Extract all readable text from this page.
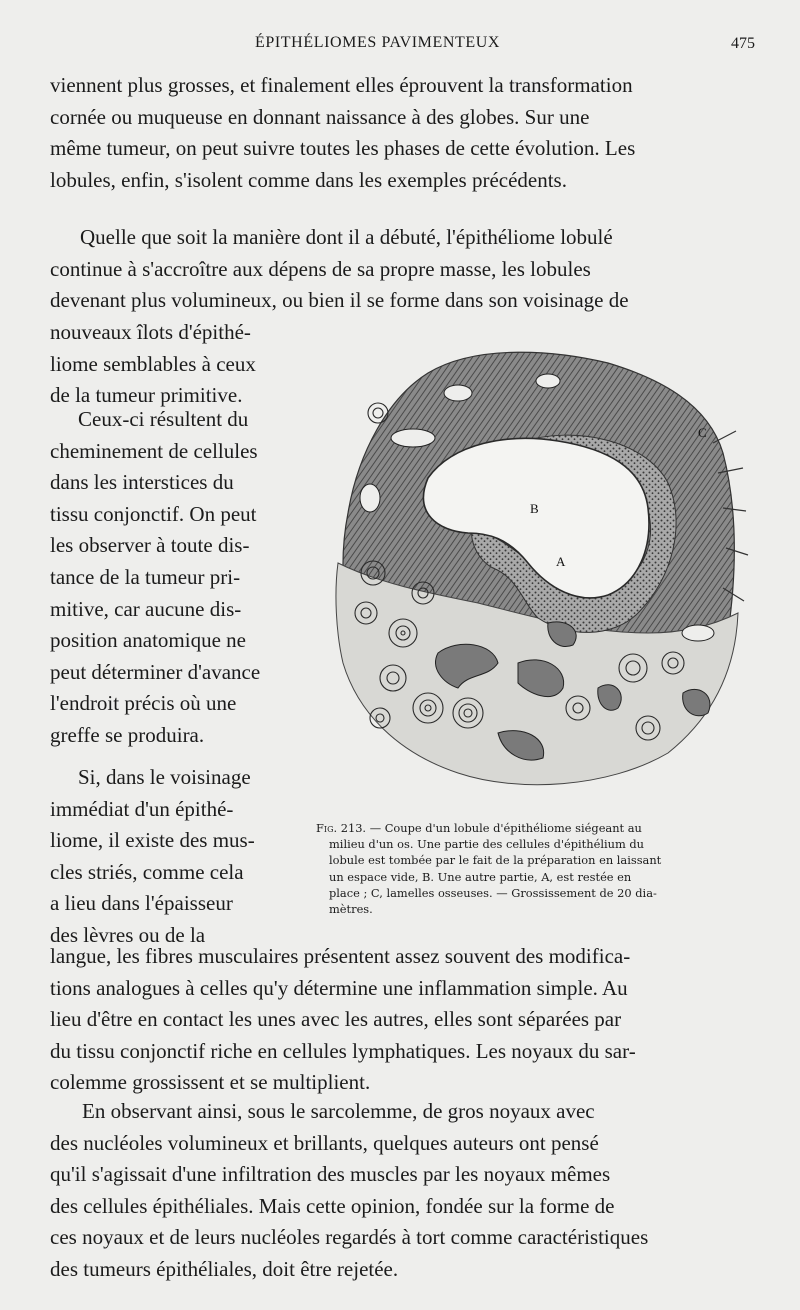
ÉPITHÉLIOMES PAVIMENTEUX	475
viennent plus grosses, et finalement elles éprouvent la transformation
cornée ou muqueuse en donnant naissance à des globes. Sur une
même tumeur, on peut suivre toutes les phases de cette évolution. Les
lobules, enfin, s'isolent comme dans les exemples précédents.
Quelle que soit la manière dont il a débuté, l'épithéliome lobulé
continue à s'accroître aux dépens de sa propre masse, les lobules
devenant plus volumineux, ou bien il se forme dans son voisinage de
nouveaux îlots d'épithé-
liome semblables à ceux
de la tumeur primitive.
Ceux-ci résultent du
cheminement de cellules
dans les interstices du
tissu conjonctif. On peut
les observer à toute dis-
tance de la tumeur pri-
mitive, car aucune dis-
position anatomique ne
peut déterminer d'avance
l'endroit précis où une
greffe se produira.
Si, dans le voisinage
immédiat d'un épithé-
liome, il existe des mus-
cles striés, comme cela
a lieu dans l'épaisseur
des lèvres ou de la
langue, les fibres musculaires présentent assez souvent des modifica-
tions analogues à celles qu'y détermine une inflammation simple. Au
lieu d'être en contact les unes avec les autres, elles sont séparées par
du tissu conjonctif riche en cellules lymphatiques. Les noyaux du sar-
colemme grossissent et se multiplient.
En observant ainsi, sous le sarcolemme, de gros noyaux avec
des nucléoles volumineux et brillants, quelques auteurs ont pensé
qu'il s'agissait d'une infiltration des muscles par les noyaux mêmes
des cellules épithéliales. Mais cette opinion, fondée sur la forme de
ces noyaux et de leurs nucléoles regardés à tort comme caractéristiques
des tumeurs épithéliales, doit être rejetée.
B
A
C
Fig. 213. — Coupe d'un lobule d'épithéliome siégeant au
milieu d'un os. Une partie des cellules d'épithélium du
lobule est tombée par le fait de la préparation en laissant
un espace vide, B. Une autre partie, A, est restée en
place ; C, lamelles osseuses. — Grossissement de 20 dia-
mètres.
